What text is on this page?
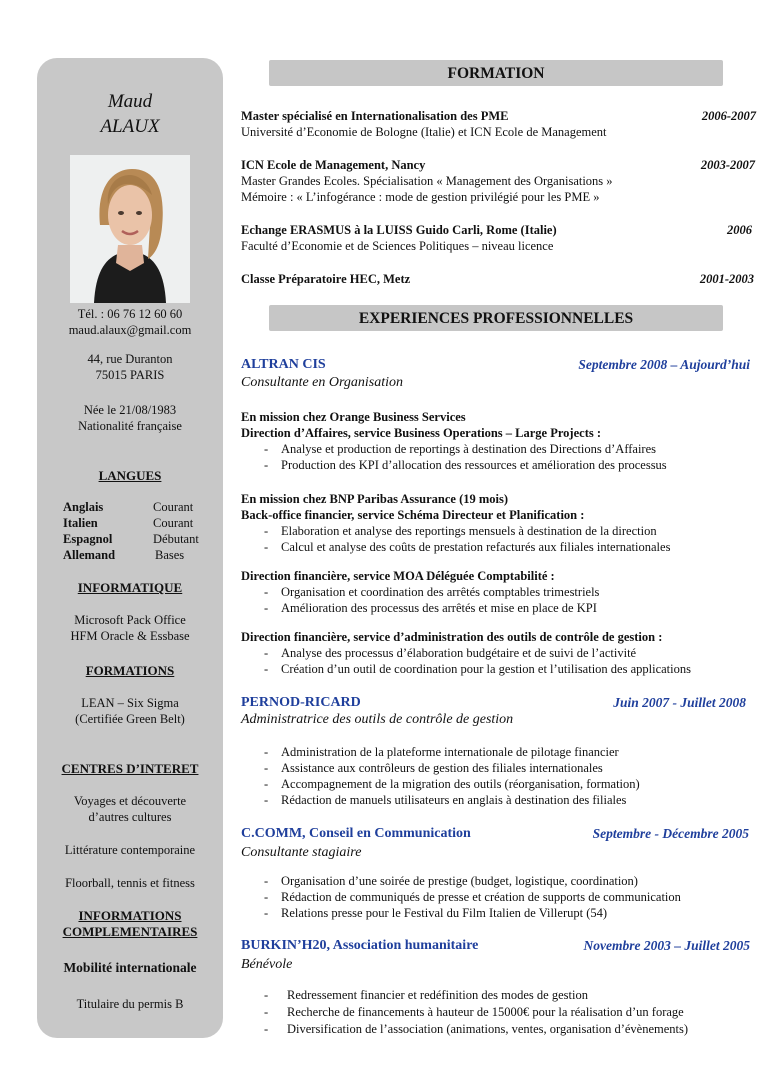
Maud
ALAUX
Tél. : 06 76 12 60 60
maud.alaux@gmail.com
44, rue Duranton
75015 PARIS
Née le 21/08/1983
Nationalité française
LANGUES
Anglais	Courant
Italien	Courant
Espagnol	Débutant
Allemand	Bases
INFORMATIQUE
Microsoft Pack Office
HFM Oracle & Essbase
FORMATIONS
LEAN – Six Sigma
(Certifiée Green Belt)
CENTRES D’INTERET
Voyages et découverte
d’autres cultures
Littérature contemporaine
Floorball, tennis et fitness
INFORMATIONS
COMPLEMENTAIRES
Mobilité internationale
Titulaire du permis B
FORMATION
Master spécialisé en Internationalisation des PME	2006-2007
Université d’Economie de Bologne (Italie) et ICN Ecole de Management
ICN Ecole de Management, Nancy	2003-2007
Master Grandes Ecoles. Spécialisation « Management des Organisations »
Mémoire : « L’infogérance : mode de gestion privilégié pour les PME »
Echange ERASMUS à la LUISS Guido Carli, Rome (Italie)	2006
Faculté d’Economie et de Sciences Politiques – niveau licence
Classe Préparatoire HEC, Metz	2001-2003
EXPERIENCES PROFESSIONNELLES
ALTRAN CIS	Septembre 2008 – Aujourd’hui
Consultante en Organisation
En mission chez Orange Business Services
Direction d’Affaires, service Business Operations – Large Projects :
- Analyse et production de reportings à destination des Directions d’Affaires
- Production des KPI d’allocation des ressources et amélioration des processus
En mission chez BNP Paribas Assurance (19 mois)
Back-office financier, service Schéma Directeur et Planification :
- Elaboration et analyse des reportings mensuels à destination de la direction
- Calcul et analyse des coûts de prestation refacturés aux filiales internationales
Direction financière, service MOA Déléguée Comptabilité :
- Organisation et coordination des arrêtés comptables trimestriels
- Amélioration des processus des arrêtés et mise en place de KPI
Direction financière, service d’administration des outils de contrôle de gestion :
- Analyse des processus d’élaboration budgétaire et de suivi de l’activité
- Création d’un outil de coordination pour la gestion et l’utilisation des applications
PERNOD-RICARD	Juin 2007 - Juillet 2008
Administratrice des outils de contrôle de gestion
- Administration de la plateforme internationale de pilotage financier
- Assistance aux contrôleurs de gestion des filiales internationales
- Accompagnement de la migration des outils (réorganisation, formation)
- Rédaction de manuels utilisateurs en anglais à destination des filiales
C.COMM, Conseil en Communication	Septembre - Décembre 2005
Consultante stagiaire
- Organisation d’une soirée de prestige (budget, logistique, coordination)
- Rédaction de communiqués de presse et création de supports de communication
- Relations presse pour le Festival du Film Italien de Villerupt (54)
BURKIN’H20, Association humanitaire	Novembre 2003 – Juillet 2005
Bénévole
- Redressement financier et redéfinition des modes de gestion
- Recherche de financements à hauteur de 15000€ pour la réalisation d’un forage
- Diversification de l’association (animations, ventes, organisation d’évènements)
